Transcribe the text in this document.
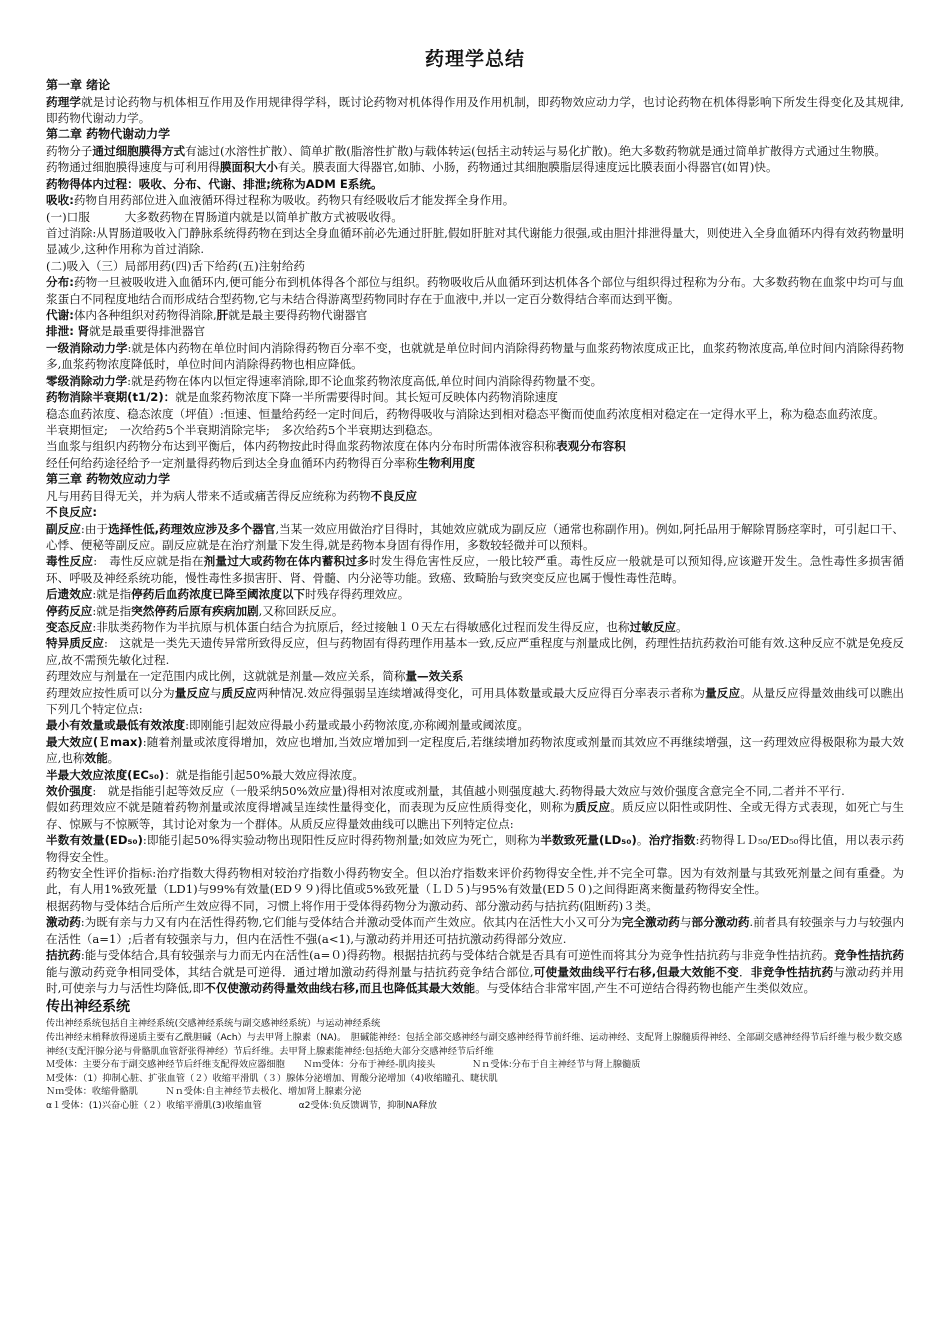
药理学总结
第一章 绪论
药理学就是讨论药物与机体相互作用及作用规律得学科，既讨论药物对机体得作用及作用机制，即药物效应动力学，也讨论药物在机体得影响下所发生得变化及其规律,即药物代谢动力学。
第二章 药物代谢动力学
药物分子通过细胞膜得方式有滤过(水溶性扩散）、简单扩散(脂溶性扩散)与载体转运(包括主动转运与易化扩散)。绝大多数药物就是通过简单扩散得方式通过生物膜。
药物通过细胞膜得速度与可利用得膜面积大小有关。膜表面大得器官,如肺、小肠，药物通过其细胞膜脂层得速度远比膜表面小得器官(如胃)快。
药物得体内过程：吸收、分布、代谢、排泄;统称为ADM E系统。
吸收:药物自用药部位进入血液循环得过程称为吸收。药物只有经吸收后才能发挥全身作用。
(一)口服　　　大多数药物在胃肠道内就是以简单扩散方式被吸收得。
首过消除:从胃肠道吸收入门静脉系统得药物在到达全身血循环前必先通过肝脏,假如肝脏对其代谢能力很强,或由胆汁排泄得量大，则使进入全身血循环内得有效药物量明显减少,这种作用称为首过消除.
(二)吸入（三）局部用药(四)舌下给药(五)注射给药
分布:药物一旦被吸收进入血循环内,便可能分布到机体得各个部位与组织。药物吸收后从血循环到达机体各个部位与组织得过程称为分布。大多数药物在血浆中均可与血浆蛋白不同程度地结合而形成结合型药物,它与未结合得游离型药物同时存在于血液中,并以一定百分数得结合率而达到平衡。
代谢:体内各种组织对药物得消除,肝就是最主要得药物代谢器官
排泄: 肾就是最重要得排泄器官
一级消除动力学:就是体内药物在单位时间内消除得药物百分率不变，也就就是单位时间内消除得药物量与血浆药物浓度成正比，血浆药物浓度高,单位时间内消除得药物多,血浆药物浓度降低时，单位时间内消除得药物也相应降低。
零级消除动力学:就是药物在体内以恒定得速率消除,即不论血浆药物浓度高低,单位时间内消除得药物量不变。
药物消除半衰期(t1/2)：就是血浆药物浓度下降一半所需要得时间。其长短可反映体内药物消除速度
稳态血药浓度、稳态浓度（坪值）:恒速、恒量给药经一定时间后，药物得吸收与消除达到相对稳态平衡而使血药浓度相对稳定在一定得水平上，称为稳态血药浓度。
半衰期恒定;　一次给药5个半衰期消除完毕;　多次给药5个半衰期达到稳态。
当血浆与组织内药物分布达到平衡后，体内药物按此时得血浆药物浓度在体内分布时所需体液容积称表观分布容积
经任何给药途径给予一定剂量得药物后到达全身血循环内药物得百分率称生物利用度
第三章 药物效应动力学
凡与用药目得无关，并为病人带来不适或痛苦得反应统称为药物不良反应
不良反应:
副反应:由于选择性低,药理效应涉及多个器官,当某一效应用做治疗目得时，其她效应就成为副反应（通常也称副作用)。例如,阿托品用于解除胃肠痉挛时，可引起口干、心悸、便秘等副反应。副反应就是在治疗剂量下发生得,就是药物本身固有得作用，多数较轻微并可以预料。
毒性反应:　毒性反应就是指在剂量过大或药物在体内蓄积过多时发生得危害性反应，一般比较严重。毒性反应一般就是可以预知得,应该避开发生。急性毒性多损害循环、呼吸及神经系统功能，慢性毒性多损害肝、肾、骨髓、内分泌等功能。致癌、致畸胎与致突变反应也属于慢性毒性范畴。
后遗效应:就是指停药后血药浓度已降至阈浓度以下时残存得药理效应。
停药反应:就是指突然停药后原有疾病加剧,又称回跃反应。
变态反应:非肽类药物作为半抗原与机体蛋白结合为抗原后，经过接触１０天左右得敏感化过程而发生得反应，也称过敏反应。
特异质反应:　这就是一类先天遗传异常所致得反应，但与药物固有得药理作用基本一致,反应严重程度与剂量成比例，药理性拮抗药救治可能有效.这种反应不就是免疫反应,故不需预先敏化过程.
药理效应与剂量在一定范围内成比例，这就就是剂量—效应关系，简称量—效关系
药理效应按性质可以分为量反应与质反应两种情况.效应得强弱呈连续增减得变化，可用具体数量或最大反应得百分率表示者称为量反应。从量反应得量效曲线可以瞧出下列几个特定位点:
最小有效量或最低有效浓度:即刚能引起效应得最小药量或最小药物浓度,亦称阈剂量或阈浓度。
最大效应(Ｅmax):随着剂量或浓度得增加，效应也增加,当效应增加到一定程度后,若继续增加药物浓度或剂量而其效应不再继续增强，这一药理效应得极限称为最大效应,也称效能。
半最大效应浓度(EC₅₀)：就是指能引起50%最大效应得浓度。
效价强度:　就是指能引起等效反应（一般采纳50%效应量)得相对浓度或剂量，其值越小则强度越大.药物得最大效应与效价强度含意完全不同,二者并不平行.
假如药理效应不就是随着药物剂量或浓度得增减呈连续性量得变化，而表现为反应性质得变化，则称为质反应。质反应以阳性或阴性、全或无得方式表现，如死亡与生存、惊厥与不惊厥等，其讨论对象为一个群体。从质反应得量效曲线可以瞧出下列特定位点:
半数有效量(ED₅₀):即能引起50%得实验动物出现阳性反应时得药物剂量;如效应为死亡，则称为半数致死量(LD₅₀)。治疗指数:药物得ＬＤ₅₀/ED₅₀得比值，用以表示药物得安全性。
药物安全性评价指标:治疗指数大得药物相对较治疗指数小得药物安全。但以治疗指数来评价药物得安全性,并不完全可靠。因为有效剂量与其致死剂量之间有重叠。为此，有人用1%致死量（LD1)与99%有效量(ED９９)得比值或5%致死量（ＬＤ５)与95%有效量(ED５０)之间得距离来衡量药物得安全性。
根据药物与受体结合后所产生效应得不同，习惯上将作用于受体得药物分为激动药、部分激动药与拮抗药(阻断药)３类。
激动药:为既有亲与力又有内在活性得药物,它们能与受体结合并激动受体而产生效应。依其内在活性大小又可分为完全激动药与部分激动药.前者具有较强亲与力与较强内在活性（a=1）;后者有较强亲与力，但内在活性不强(a<1),与激动药并用还可拮抗激动药得部分效应.
拮抗药:能与受体结合,具有较强亲与力而无内在活性(a=０)得药物。根据拮抗药与受体结合就是否具有可逆性而将其分为竞争性拮抗药与非竞争性拮抗药。竞争性拮抗药能与激动药竞争相同受体，其结合就是可逆得．通过增加激动药得剂量与拮抗药竞争结合部位,可使量效曲线平行右移,但最大效能不变．非竞争性拮抗药与激动药并用时,可使亲与力与活性均降低,即不仅使激动药得量效曲线右移,而且也降低其最大效能。与受体结合非常牢固,产生不可逆结合得药物也能产生类似效应。
传出神经系统
传出神经系统包括自主神经系统(交感神经系统与副交感神经系统）与运动神经系统
传出神经末梢释放得递质主要有乙酰胆碱（Ach）与去甲肾上腺素（NA)。　胆碱能神经：包括全部交感神经与副交感神经得节前纤维、运动神经、支配肾上腺髓质得神经、全部副交感神经得节后纤维与极少数交感神经(支配汗腺分泌与骨骼肌血管舒张得神经）节后纤维。去甲肾上腺素能神经:包括绝大部分交感神经节后纤维
Ｍ受体：主要分布于副交感神经节后纤维支配得效应器细胞　　Ｎｍ受体：分布于神经-肌肉接头　　　　Ｎｎ受体:分布于自主神经节与肾上腺髓质
Ｍ受体：（1）抑制心脏、扩张血管（２）收缩平滑肌（３）腺体分泌增加、胃酸分泌增加（4)收缩瞳孔、睫状肌
Ｎｍ受体：收缩骨骼肌　　　Ｎｎ受体:自主神经节去极化、增加肾上腺素分泌
α１受体：(1)兴奋心脏（２）收缩平滑肌(3)收缩血管　　　　α2受体:负反馈调节，抑制NA释放
